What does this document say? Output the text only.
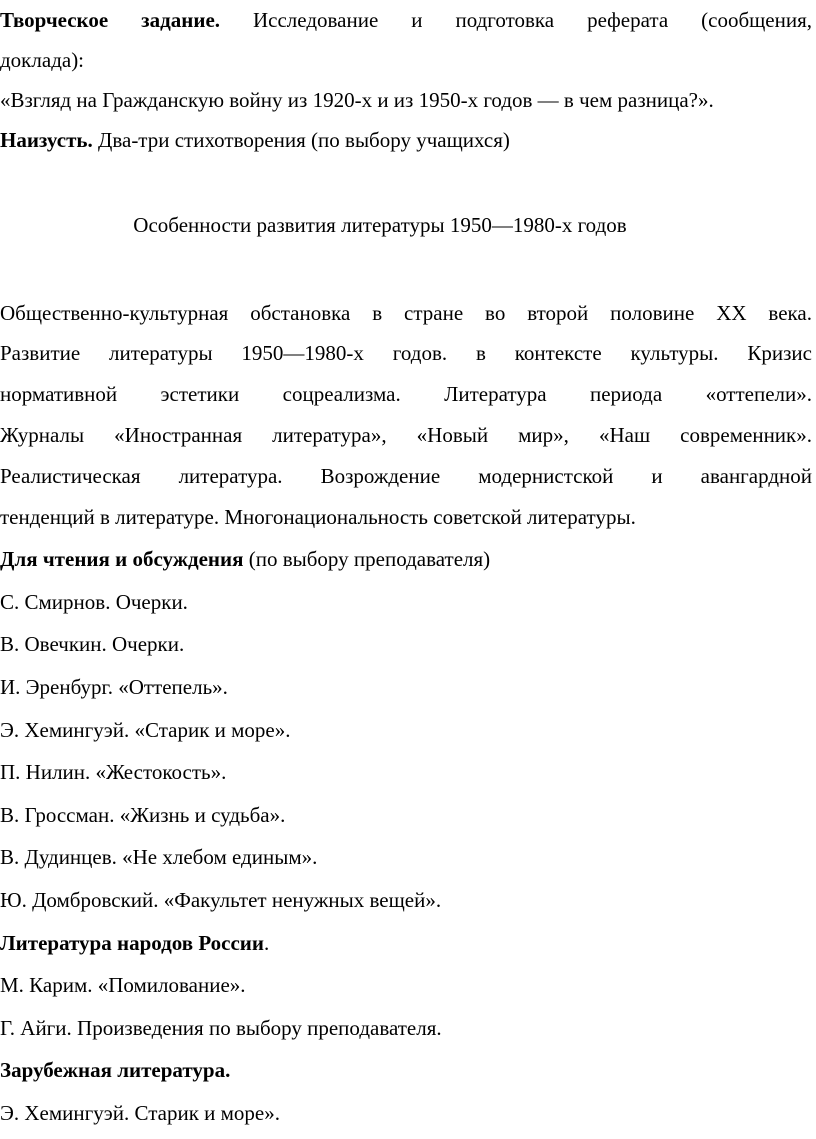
Творческое задание. Исследование и подготовка реферата (сообщения,
доклада):
«Взгляд на Гражданскую войну из 1920-х и из 1950-х годов — в чем разница?».
Наизусть. Два-три стихотворения (по выбору учащихся)
Особенности развития литературы 1950—1980-х годов
Общественно-культурная обстановка в стране во второй половине XX века.
Развитие литературы 1950—1980-х годов. в контексте культуры. Кризис
нормативной эстетики соцреализма. Литература периода «оттепели».
Журналы «Иностранная литература», «Новый мир», «Наш современник».
Реалистическая литература. Возрождение модернистской и авангардной
тенденций в литературе. Многонациональность советской литературы.
Для чтения и обсуждения (по выбору преподавателя)
С. Смирнов. Очерки.
В. Овечкин. Очерки.
И. Эренбург. «Оттепель».
Э. Хемингуэй. «Старик и море».
П. Нилин. «Жестокость».
В. Гроссман. «Жизнь и судьба».
В. Дудинцев. «Не хлебом единым».
Ю. Домбровский. «Факультет ненужных вещей».
Литература народов России.
М. Карим. «Помилование».
Г. Айги. Произведения по выбору преподавателя.
Зарубежная литература.
Э. Хемингуэй. Старик и море».
